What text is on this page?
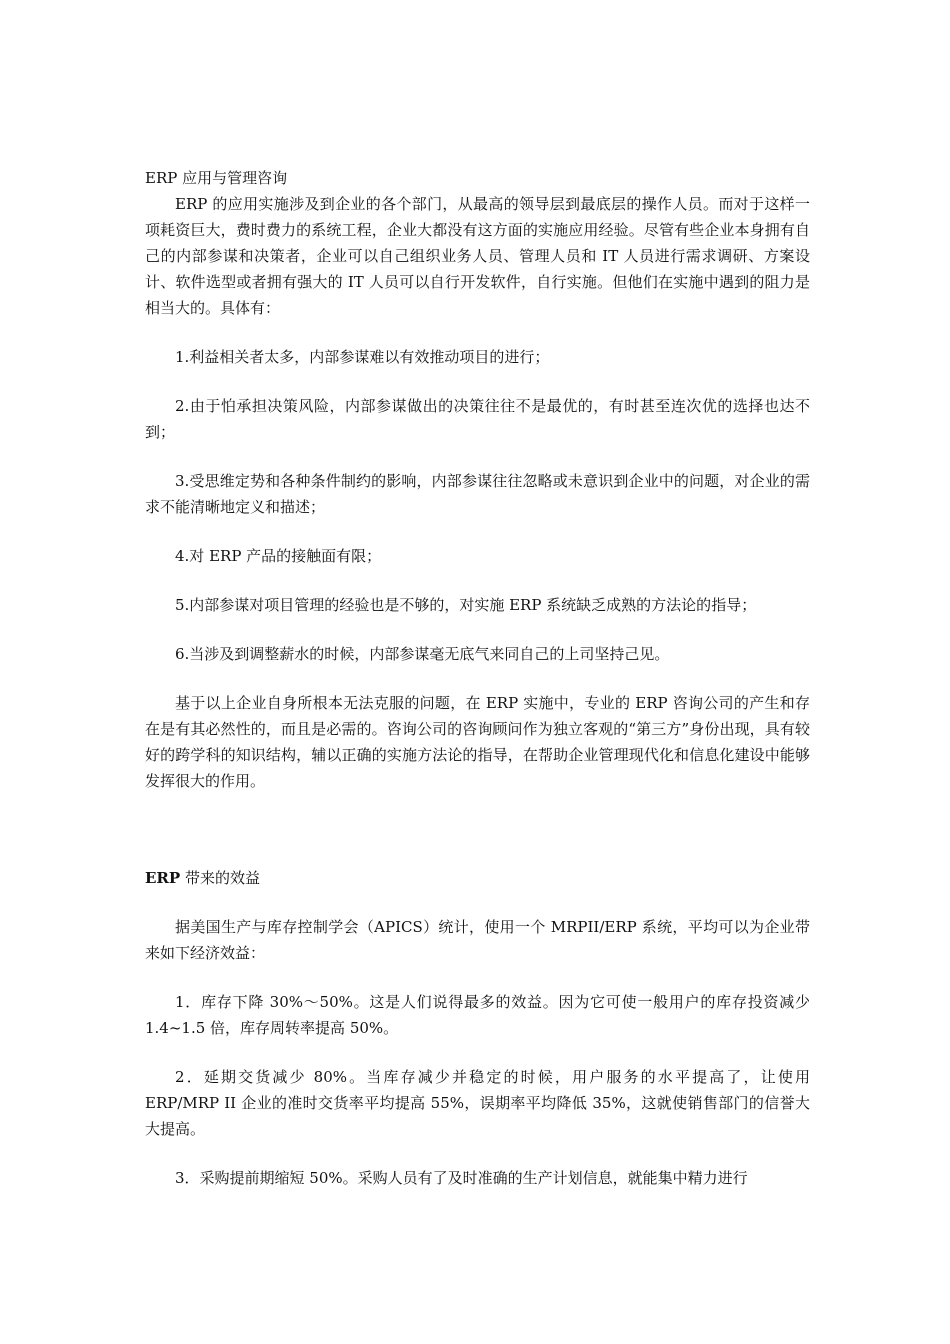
ERP 应用与管理咨询

ERP 的应用实施涉及到企业的各个部门，从最高的领导层到最底层的操作人员。而对于这样一项耗资巨大，费时费力的系统工程，企业大都没有这方面的实施应用经验。尽管有些企业本身拥有自己的内部参谋和决策者，企业可以自己组织业务人员、管理人员和 IT 人员进行需求调研、方案设计、软件选型或者拥有强大的 IT 人员可以自行开发软件，自行实施。但他们在实施中遇到的阻力是相当大的。具体有：

1.利益相关者太多，内部参谋难以有效推动项目的进行；

2.由于怕承担决策风险，内部参谋做出的决策往往不是最优的，有时甚至连次优的选择也达不到；

3.受思维定势和各种条件制约的影响，内部参谋往往忽略或未意识到企业中的问题，对企业的需求不能清晰地定义和描述；

4.对 ERP 产品的接触面有限；

5.内部参谋对项目管理的经验也是不够的，对实施 ERP 系统缺乏成熟的方法论的指导；

6.当涉及到调整薪水的时候，内部参谋毫无底气来同自己的上司坚持己见。

基于以上企业自身所根本无法克服的问题，在 ERP 实施中，专业的 ERP 咨询公司的产生和存在是有其必然性的，而且是必需的。咨询公司的咨询顾问作为独立客观的“第三方”身份出现，具有较好的跨学科的知识结构，辅以正确的实施方法论的指导，在帮助企业管理现代化和信息化建设中能够发挥很大的作用。

ERP 带来的效益

据美国生产与库存控制学会（APICS）统计，使用一个 MRPII/ERP 系统，平均可以为企业带来如下经济效益：

1．库存下降 30%～50%。这是人们说得最多的效益。因为它可使一般用户的库存投资减少 1.4~1.5 倍，库存周转率提高 50%。

2．延期交货减少 80%。当库存减少并稳定的时候，用户服务的水平提高了，让使用 ERP/MRP II 企业的准时交货率平均提高 55%，误期率平均降低 35%，这就使销售部门的信誉大大提高。

3．采购提前期缩短 50%。采购人员有了及时准确的生产计划信息，就能集中精力进行
